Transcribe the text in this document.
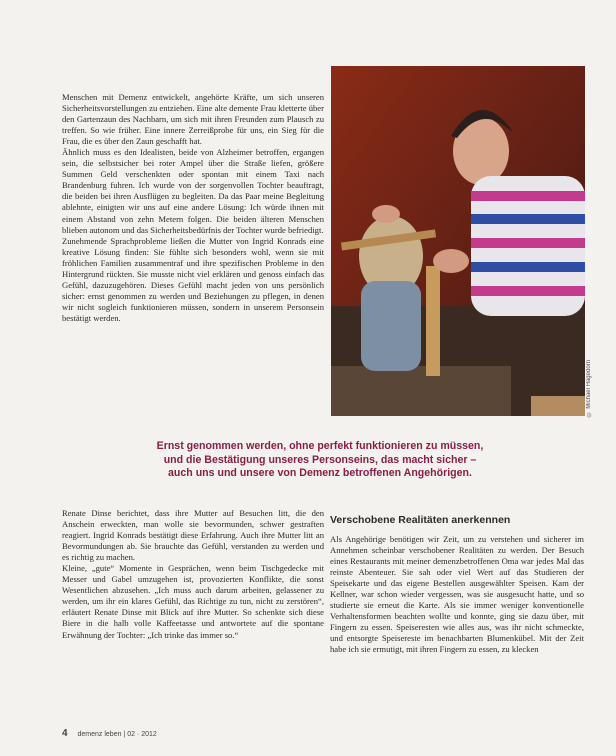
Menschen mit Demenz entwickelt, angehörte Kräfte, um sich unseren Sicherheitsvorstellungen zu entziehen. Eine alte demente Frau kletterte über den Gartenzaun des Nachbarn, um sich mit ihren Freunden zum Plausch zu treffen. So wie früher. Eine innere Zerreißprobe für uns, ein Sieg für die Frau, die es über den Zaun geschafft hat.

Ähnlich muss es den Idealisten, beide von Alzheimer betroffen, ergangen sein, die selbstsicher bei roter Ampel über die Straße liefen, größere Summen Geld verschenkten oder spontan mit einem Taxi nach Brandenburg fuhren. Ich wurde von der sorgenvollen Tochter beauftragt, die beiden bei ihren Ausflügen zu begleiten. Da das Paar meine Begleitung ablehnte, einigten wir uns auf eine andere Lösung: Ich würde ihnen mit einem Abstand von zehn Metern folgen. Die beiden älteren Menschen blieben autonom und das Sicherheitsbedürfnis der Tochter wurde befriedigt.

Zunehmende Sprachprobleme ließen die Mutter von Ingrid Konrads eine kreative Lösung finden: Sie fühlte sich besonders wohl, wenn sie mit fröhlichen Familien zusammentraf und ihre spezifischen Probleme in den Hintergrund rückten. Sie musste nicht viel erklären und genoss einfach das Gefühl, dazuzugehören. Dieses Gefühl macht jeden von uns persönlich sicher: ernst genommen zu werden und Beziehungen zu pflegen, in denen wir nicht sogleich funktionieren müssen, sondern in unserem Personsein bestätigt werden.

© Michael Hagedorn
Ernst genommen werden, ohne perfekt funktionieren zu müssen,
und die Bestätigung unseres Personseins, das macht sicher –
auch uns und unsere von Demenz betroffenen Angehörigen.

Renate Dinse berichtet, dass ihre Mutter auf Besuchen litt, die den Anschein erweckten, man wolle sie bevormunden, schwer gestraften reagiert. Ingrid Konrads bestätigt diese Erfahrung. Auch ihre Mutter litt an Bevormundungen ab. Sie brauchte das Gefühl, verstanden zu werden und es richtig zu machen.

Kleine, „gute“ Momente in Gesprächen, wenn beim Tischgedecke mit Messer und Gabel umzugehen ist, provozierten Konflikte, die sonst Wesentlichen abzusehen. „Ich muss auch darum arbeiten, gelassener zu werden, um ihr ein klares Gefühl, das Richtige zu tun, nicht zu zerstören“, erläutert Renate Dinse mit Blick auf ihre Mutter. So schenkte sich diese Biere in die halb volle Kaffeetasse und antwortete auf die spontane Erwähnung der Tochter: „Ich trinke das immer so.“

Verschobene Realitäten anerkennen

Als Angehörige benötigen wir Zeit, um zu verstehen und sicherer im Annehmen scheinbar verschobener Realitäten zu werden. Der Besuch eines Restaurants mit meiner demenzbetroffenen Oma war jedes Mal das reinste Abenteuer. Sie sah oder viel Wert auf das Studieren der Speisekarte und das eigene Bestellen ausgewählter Speisen. Kam der Kellner, war schon wieder vergessen, was sie ausgesucht hatte, und so studierte sie erneut die Karte. Als sie immer weniger konventionelle Verhaltensformen beachten wollte und konnte, ging sie dazu über, mit Fingern zu essen. Speiseresten wie alles aus, was ihr nicht schmeckte, und entsorgte Speisereste im benachbarten Blumenkübel. Mit der Zeit habe ich sie ermutigt, mit ihren Fingern zu essen, zu klecken

4 demenz leben | 02 · 2012
